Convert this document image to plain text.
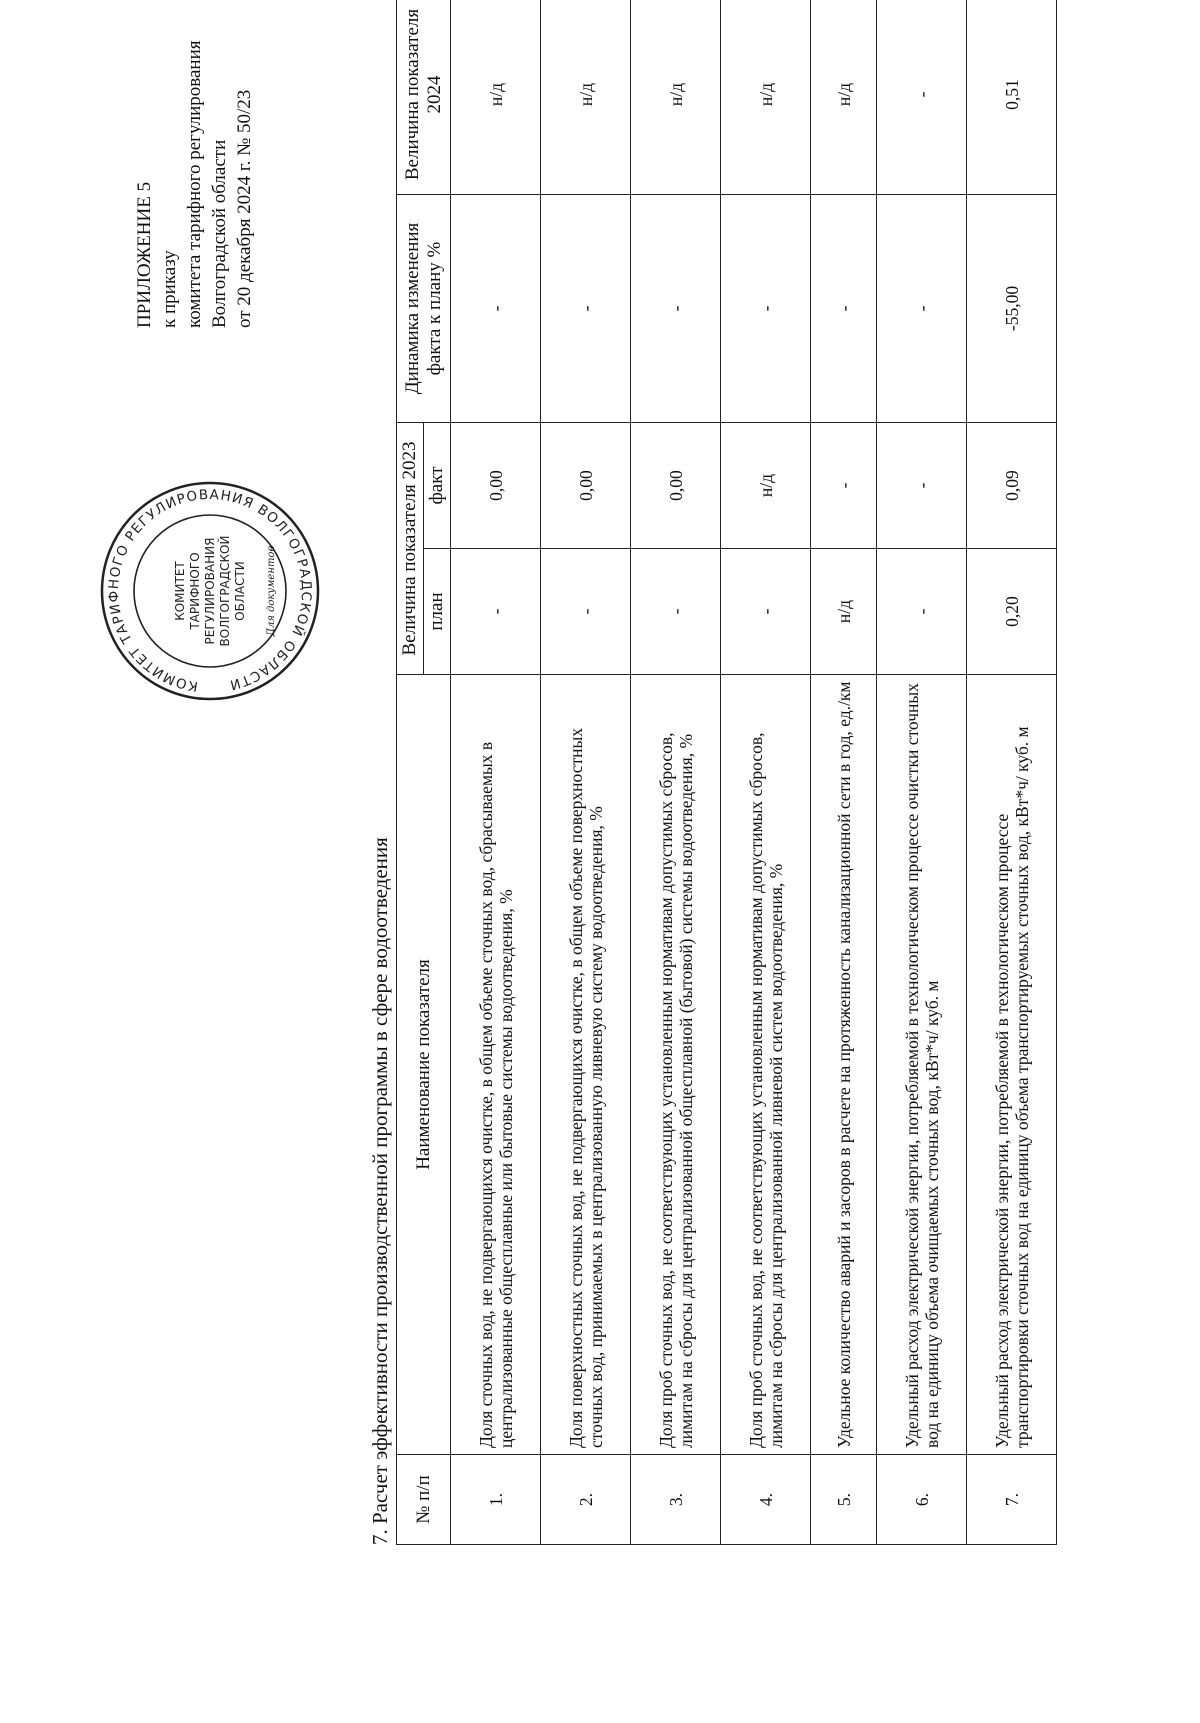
ПРИЛОЖЕНИЕ 5 к приказу комитета тарифного регулирования Волгоградской области от 20 декабря 2024 г. № 50/23
КОМИТЕТ ТАРИФНОГО РЕГУЛИРОВАНИЯ ВОЛГОГРАДСКОЙ ОБЛАСТИ
КОМИТЕТ ТАРИФНОГО РЕГУЛИРОВАНИЯ ВОЛГОГРАДСКОЙ ОБЛАСТИ Для документов
7. Расчет эффективности производственной программы в сфере водоотведения № п/п	Наименование показателя	Величина показателя 2023		Динамика изменения факта к плану %	Величина показателя 2024
		план	факт		
1.	Доля сточных вод, не подвергающихся очистке, в общем объеме сточных вод, сбрасываемых в централизованные общесплавные или бытовые системы водоотведения, %	-	0,00	-	н/д
2.	Доля поверхностных сточных вод, не подвергающихся очистке, в общем объеме поверхностных сточных вод, принимаемых в централизованную ливневую систему водоотведения, %	-	0,00	-	н/д
3.	Доля проб сточных вод, не соответствующих установленным нормативам допустимых сбросов, лимитам на сбросы для централизованной общесплавной (бытовой) системы водоотведения, %	-	0,00	-	н/д
4.	Доля проб сточных вод, не соответствующих установленным нормативам допустимых сбросов, лимитам на сбросы для централизованной ливневой систем водоотведения, %	-	н/д	-	н/д
5.	Удельное количество аварий и засоров в расчете на протяженность канализационной сети в год, ед./км	н/д	-	-	н/д
6.	Удельный расход электрической энергии, потребляемой в технологическом процессе очистки сточных вод на единицу объема очищаемых сточных вод, кВт*ч/ куб. м	-	-	-	-
7.	Удельный расход электрической энергии, потребляемой в технологическом процессе транспортировки сточных вод на единицу объема транспортируемых сточных вод, кВт*ч/ куб. м	0,20	0,09	-55,00	0,51
